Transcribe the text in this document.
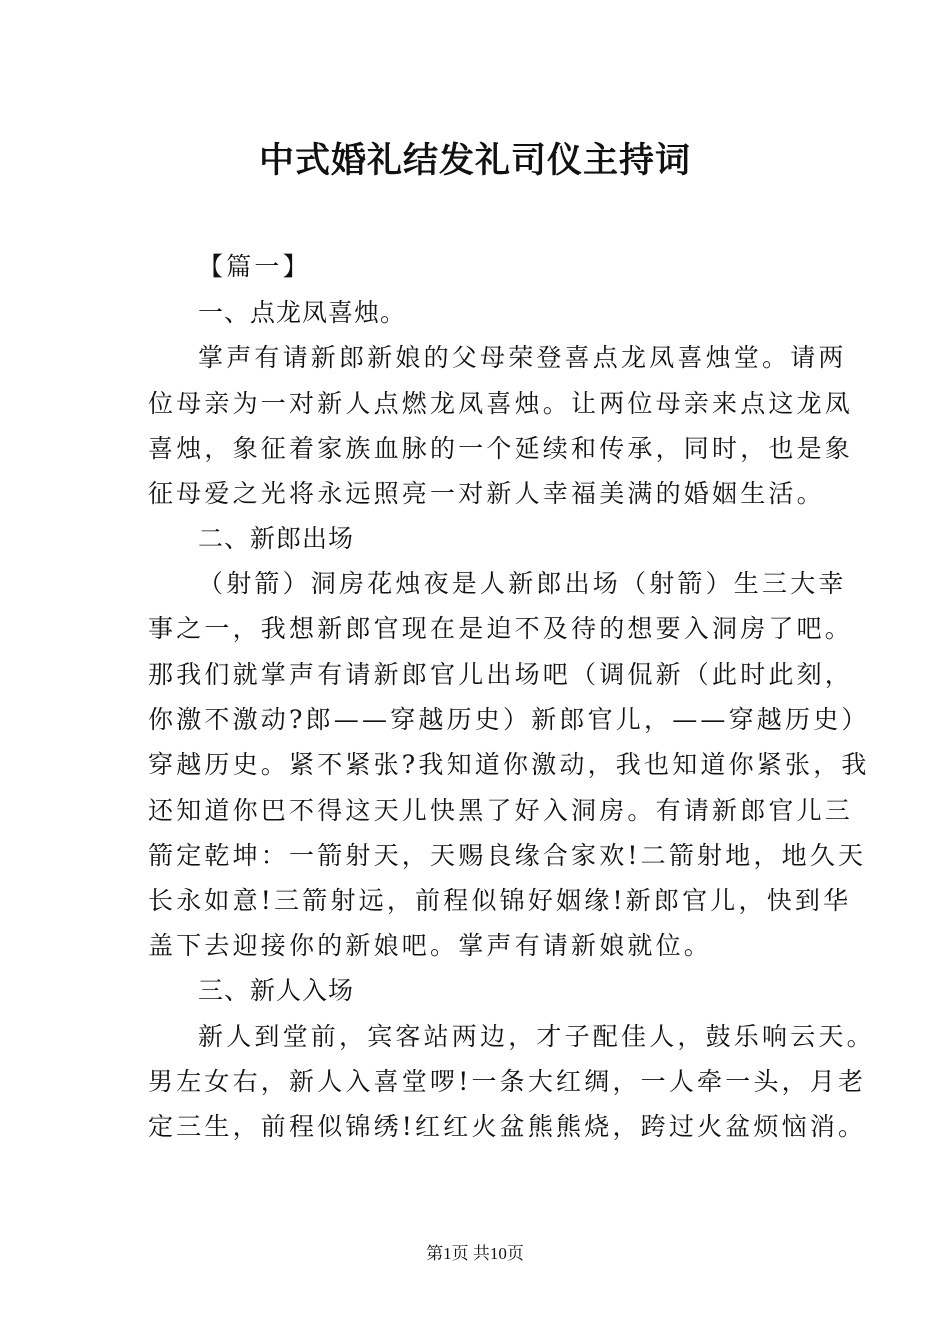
中式婚礼结发礼司仪主持词
【篇一】
一、点龙凤喜烛。
掌声有请新郎新娘的父母荣登喜点龙凤喜烛堂。请两
位母亲为一对新人点燃龙凤喜烛。让两位母亲来点这龙凤
喜烛，象征着家族血脉的一个延续和传承，同时，也是象
征母爱之光将永远照亮一对新人幸福美满的婚姻生活。
二、新郎出场
（射箭）洞房花烛夜是人新郎出场（射箭）生三大幸
事之一，我想新郎官现在是迫不及待的想要入洞房了吧。
那我们就掌声有请新郎官儿出场吧（调侃新（此时此刻，
你激不激动?郎——穿越历史）新郎官儿，——穿越历史）
穿越历史。紧不紧张?我知道你激动，我也知道你紧张，我
还知道你巴不得这天儿快黑了好入洞房。有请新郎官儿三
箭定乾坤：一箭射天，天赐良缘合家欢!二箭射地，地久天
长永如意!三箭射远，前程似锦好姻缘!新郎官儿，快到华
盖下去迎接你的新娘吧。掌声有请新娘就位。
三、新人入场
新人到堂前，宾客站两边，才子配佳人，鼓乐响云天。
男左女右，新人入喜堂啰!一条大红绸，一人牵一头，月老
定三生，前程似锦绣!红红火盆熊熊烧，跨过火盆烦恼消。
第1页 共10页
